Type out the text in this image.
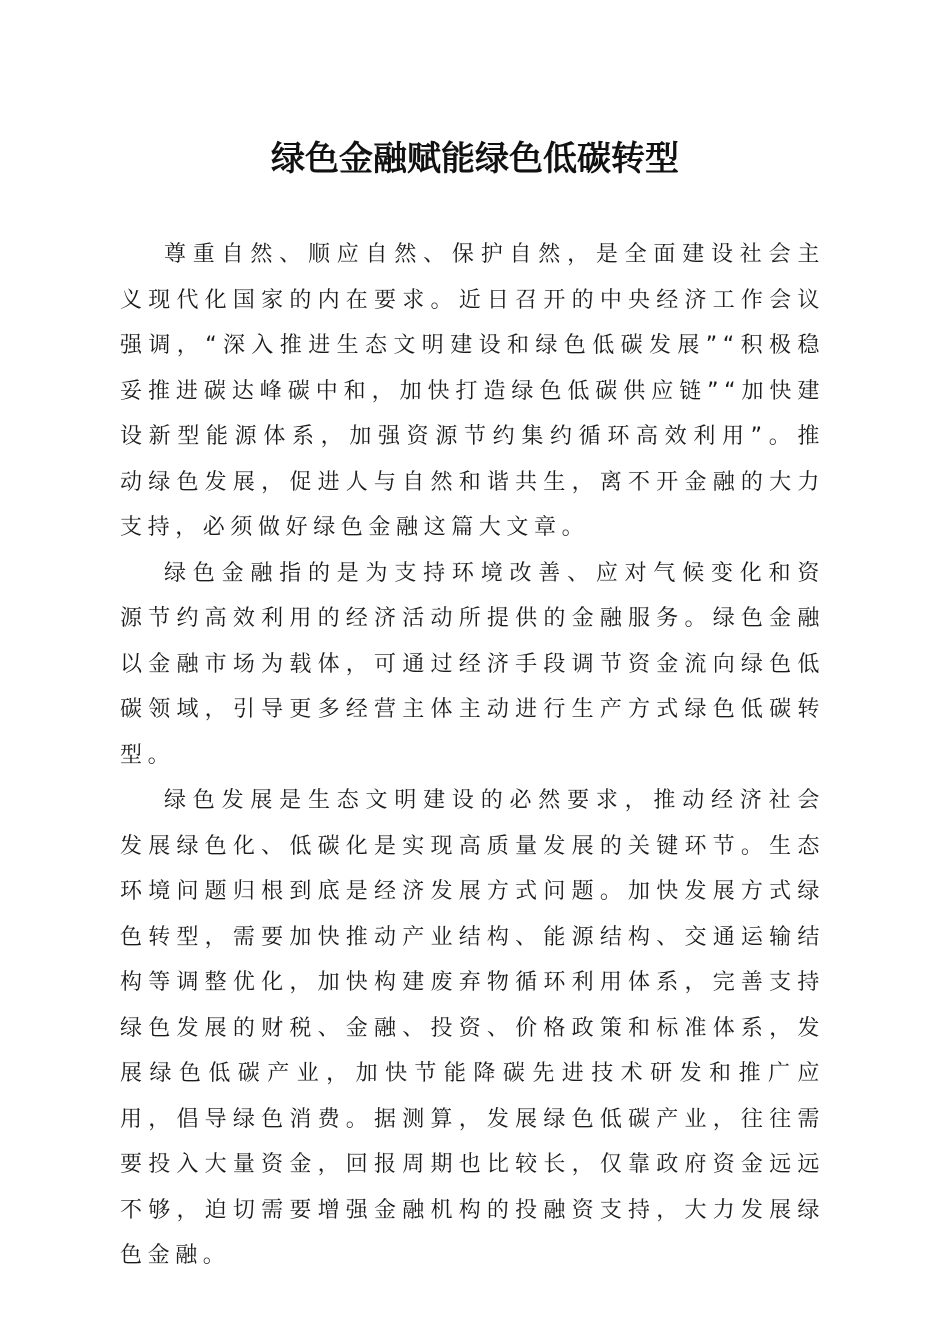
绿色金融赋能绿色低碳转型

尊重自然、顺应自然、保护自然，是全面建设社会主义现代化国家的内在要求。近日召开的中央经济工作会议强调，“深入推进生态文明建设和绿色低碳发展”“积极稳妥推进碳达峰碳中和，加快打造绿色低碳供应链”“加快建设新型能源体系，加强资源节约集约循环高效利用”。推动绿色发展，促进人与自然和谐共生，离不开金融的大力支持，必须做好绿色金融这篇大文章。

绿色金融指的是为支持环境改善、应对气候变化和资源节约高效利用的经济活动所提供的金融服务。绿色金融以金融市场为载体，可通过经济手段调节资金流向绿色低碳领域，引导更多经营主体主动进行生产方式绿色低碳转型。

绿色发展是生态文明建设的必然要求，推动经济社会发展绿色化、低碳化是实现高质量发展的关键环节。生态环境问题归根到底是经济发展方式问题。加快发展方式绿色转型，需要加快推动产业结构、能源结构、交通运输结构等调整优化，加快构建废弃物循环利用体系，完善支持绿色发展的财税、金融、投资、价格政策和标准体系，发展绿色低碳产业，加快节能降碳先进技术研发和推广应用，倡导绿色消费。据测算，发展绿色低碳产业，往往需要投入大量资金，回报周期也比较长，仅靠政府资金远远不够，迫切需要增强金融机构的投融资支持，大力发展绿色金融。
